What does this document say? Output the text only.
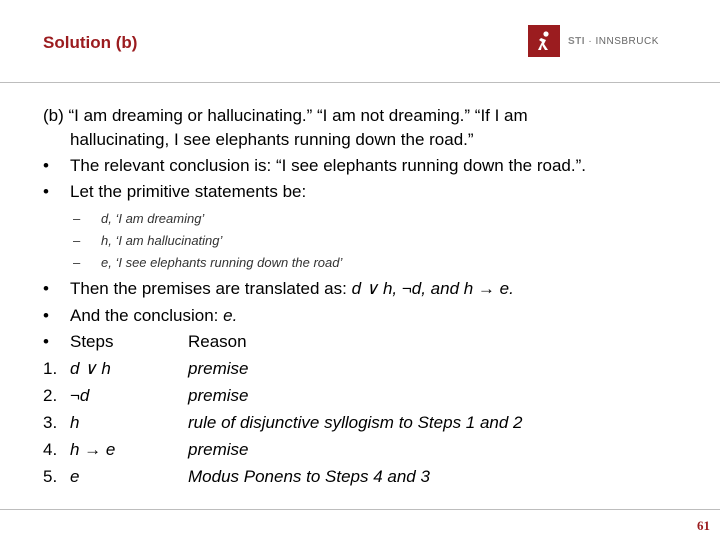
Solution (b)	STI · INNSBRUCK
(b) “I am dreaming or hallucinating.” “I am not dreaming.” “If I am
hallucinating, I see elephants running down the road.”
•	The relevant conclusion is: “I see elephants running down the road.”.
•	Let the primitive statements be:
–	d, ‘I am dreaming’
–	h, ‘I am hallucinating’
–	e, ‘I see elephants running down the road’
•	Then the premises are translated as: d ∨ h, ¬d, and h → e.
•	And the conclusion: e.
•	Steps	Reason
1. d ∨ h	premise
2. ¬d	premise
3. h	rule of disjunctive syllogism to Steps 1 and 2
4. h → e	premise
5. e	Modus Ponens to Steps 4 and 3
61
